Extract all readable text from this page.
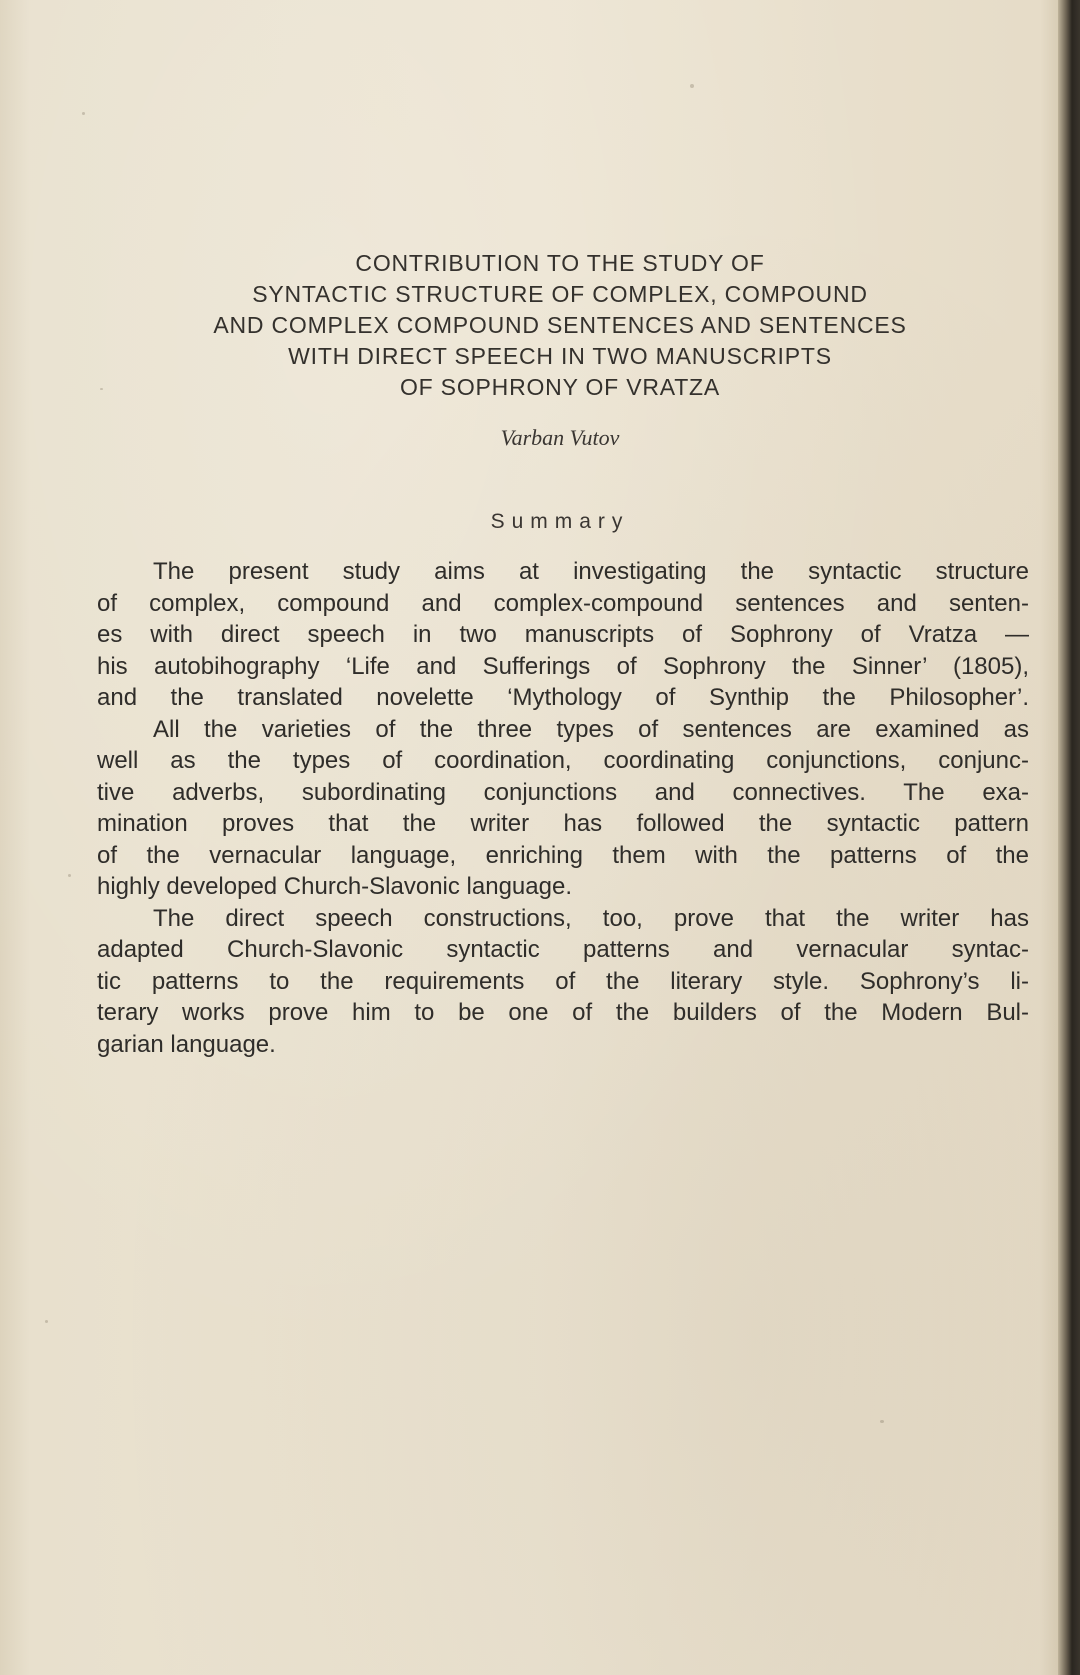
CONTRIBUTION TO THE STUDY OF
SYNTACTIC STRUCTURE OF COMPLEX, COMPOUND
AND COMPLEX COMPOUND SENTENCES AND SENTENCES
WITH DIRECT SPEECH IN TWO MANUSCRIPTS
OF SOPHRONY OF VRATZA
Varban Vutov
Summary
The present study aims at investigating the syntactic structure
of complex, compound and complex-compound sentences and senten-
es with direct speech in two manuscripts of Sophrony of Vratza —
his autobihography ‘Life and Sufferings of Sophrony the Sinner’ (1805),
and the translated novelette ‘Mythology of Synthip the Philosopher’.
All the varieties of the three types of sentences are examined as
well as the types of coordination, coordinating conjunctions, conjunc-
tive adverbs, subordinating conjunctions and connectives. The exa-
mination proves that the writer has followed the syntactic pattern
of the vernacular language, enriching them with the patterns of the
highly developed Church-Slavonic language.
The direct speech constructions, too, prove that the writer has
adapted Church-Slavonic syntactic patterns and vernacular syntac-
tic patterns to the requirements of the literary style. Sophrony’s li-
terary works prove him to be one of the builders of the Modern Bul-
garian language.
